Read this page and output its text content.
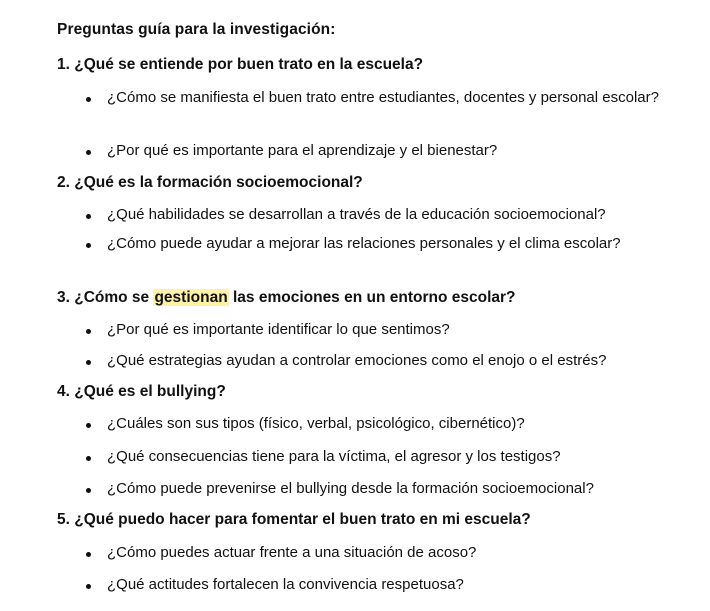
Preguntas guía para la investigación:
1. ¿Qué se entiende por buen trato en la escuela?
¿Cómo se manifiesta el buen trato entre estudiantes, docentes y personal escolar?
¿Por qué es importante para el aprendizaje y el bienestar?
2. ¿Qué es la formación socioemocional?
¿Qué habilidades se desarrollan a través de la educación socioemocional?
¿Cómo puede ayudar a mejorar las relaciones personales y el clima escolar?
3. ¿Cómo se gestionan las emociones en un entorno escolar?
¿Por qué es importante identificar lo que sentimos?
¿Qué estrategias ayudan a controlar emociones como el enojo o el estrés?
4. ¿Qué es el bullying?
¿Cuáles son sus tipos (físico, verbal, psicológico, cibernético)?
¿Qué consecuencias tiene para la víctima, el agresor y los testigos?
¿Cómo puede prevenirse el bullying desde la formación socioemocional?
5. ¿Qué puedo hacer para fomentar el buen trato en mi escuela?
¿Cómo puedes actuar frente a una situación de acoso?
¿Qué actitudes fortalecen la convivencia respetuosa?
